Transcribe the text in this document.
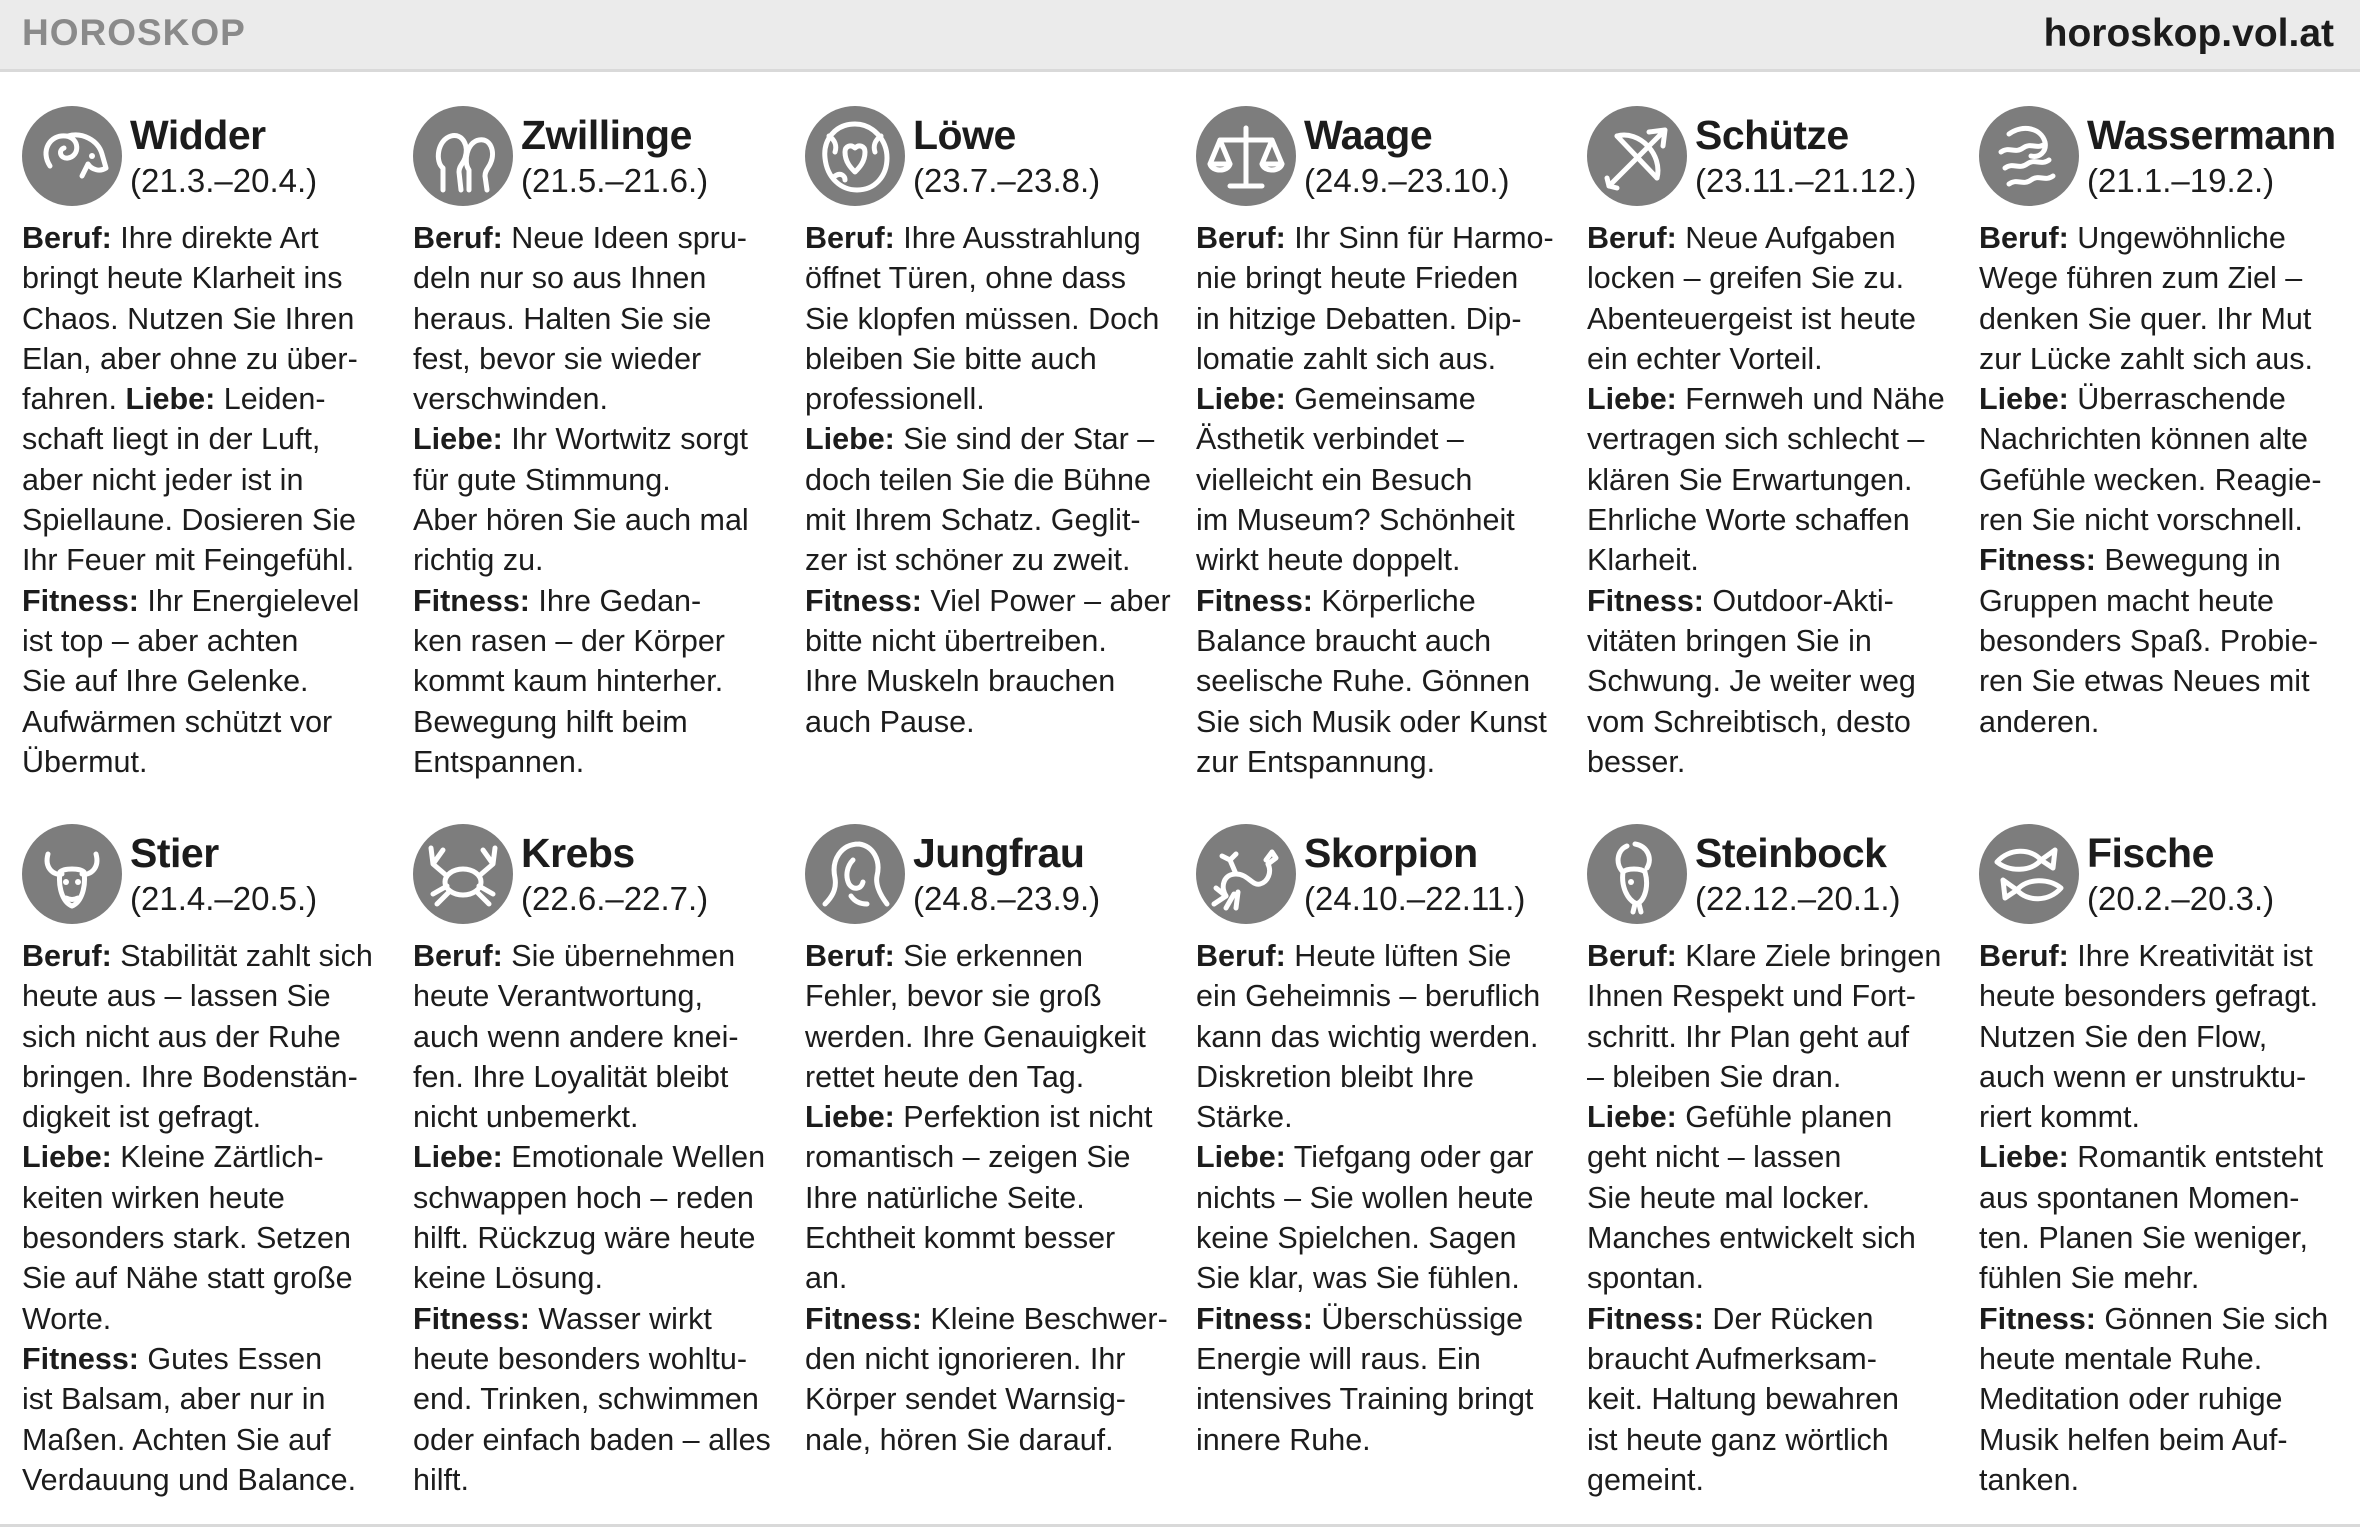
HOROSKOP	horoskop.vol.at
Widder
(21.3.–20.4.)
Beruf: Ihre direkte Art
bringt heute Klarheit ins
Chaos. Nutzen Sie Ihren
Elan, aber ohne zu über-
fahren. Liebe: Leiden-
schaft liegt in der Luft,
aber nicht jeder ist in
Spiellaune. Dosieren Sie
Ihr Feuer mit Feingefühl.
Fitness: Ihr Energielevel
ist top – aber achten
Sie auf Ihre Gelenke.
Aufwärmen schützt vor
Übermut.
Zwillinge
(21.5.–21.6.)
Beruf: Neue Ideen spru-
deln nur so aus Ihnen
heraus. Halten Sie sie
fest, bevor sie wieder
verschwinden.
Liebe: Ihr Wortwitz sorgt
für gute Stimmung.
Aber hören Sie auch mal
richtig zu.
Fitness: Ihre Gedan-
ken rasen – der Körper
kommt kaum hinterher.
Bewegung hilft beim
Entspannen.
Löwe
(23.7.–23.8.)
Beruf: Ihre Ausstrahlung
öffnet Türen, ohne dass
Sie klopfen müssen. Doch
bleiben Sie bitte auch
professionell.
Liebe: Sie sind der Star –
doch teilen Sie die Bühne
mit Ihrem Schatz. Geglit-
zer ist schöner zu zweit.
Fitness: Viel Power – aber
bitte nicht übertreiben.
Ihre Muskeln brauchen
auch Pause.
Waage
(24.9.–23.10.)
Beruf: Ihr Sinn für Harmo-
nie bringt heute Frieden
in hitzige Debatten. Dip-
lomatie zahlt sich aus.
Liebe: Gemeinsame
Ästhetik verbindet –
vielleicht ein Besuch
im Museum? Schönheit
wirkt heute doppelt.
Fitness: Körperliche
Balance braucht auch
seelische Ruhe. Gönnen
Sie sich Musik oder Kunst
zur Entspannung.
Schütze
(23.11.–21.12.)
Beruf: Neue Aufgaben
locken – greifen Sie zu.
Abenteuergeist ist heute
ein echter Vorteil.
Liebe: Fernweh und Nähe
vertragen sich schlecht –
klären Sie Erwartungen.
Ehrliche Worte schaffen
Klarheit.
Fitness: Outdoor-Akti-
vitäten bringen Sie in
Schwung. Je weiter weg
vom Schreibtisch, desto
besser.
Wassermann
(21.1.–19.2.)
Beruf: Ungewöhnliche
Wege führen zum Ziel –
denken Sie quer. Ihr Mut
zur Lücke zahlt sich aus.
Liebe: Überraschende
Nachrichten können alte
Gefühle wecken. Reagie-
ren Sie nicht vorschnell.
Fitness: Bewegung in
Gruppen macht heute
besonders Spaß. Probie-
ren Sie etwas Neues mit
anderen.
Stier
(21.4.–20.5.)
Beruf: Stabilität zahlt sich
heute aus – lassen Sie
sich nicht aus der Ruhe
bringen. Ihre Bodenstän-
digkeit ist gefragt.
Liebe: Kleine Zärtlich-
keiten wirken heute
besonders stark. Setzen
Sie auf Nähe statt große
Worte.
Fitness: Gutes Essen
ist Balsam, aber nur in
Maßen. Achten Sie auf
Verdauung und Balance.
Krebs
(22.6.–22.7.)
Beruf: Sie übernehmen
heute Verantwortung,
auch wenn andere knei-
fen. Ihre Loyalität bleibt
nicht unbemerkt.
Liebe: Emotionale Wellen
schwappen hoch – reden
hilft. Rückzug wäre heute
keine Lösung.
Fitness: Wasser wirkt
heute besonders wohltu-
end. Trinken, schwimmen
oder einfach baden – alles
hilft.
Jungfrau
(24.8.–23.9.)
Beruf: Sie erkennen
Fehler, bevor sie groß
werden. Ihre Genauigkeit
rettet heute den Tag.
Liebe: Perfektion ist nicht
romantisch – zeigen Sie
Ihre natürliche Seite.
Echtheit kommt besser
an.
Fitness: Kleine Beschwer-
den nicht ignorieren. Ihr
Körper sendet Warnsig-
nale, hören Sie darauf.
Skorpion
(24.10.–22.11.)
Beruf: Heute lüften Sie
ein Geheimnis – beruflich
kann das wichtig werden.
Diskretion bleibt Ihre
Stärke.
Liebe: Tiefgang oder gar
nichts – Sie wollen heute
keine Spielchen. Sagen
Sie klar, was Sie fühlen.
Fitness: Überschüssige
Energie will raus. Ein
intensives Training bringt
innere Ruhe.
Steinbock
(22.12.–20.1.)
Beruf: Klare Ziele bringen
Ihnen Respekt und Fort-
schritt. Ihr Plan geht auf
– bleiben Sie dran.
Liebe: Gefühle planen
geht nicht – lassen
Sie heute mal locker.
Manches entwickelt sich
spontan.
Fitness: Der Rücken
braucht Aufmerksam-
keit. Haltung bewahren
ist heute ganz wörtlich
gemeint.
Fische
(20.2.–20.3.)
Beruf: Ihre Kreativität ist
heute besonders gefragt.
Nutzen Sie den Flow,
auch wenn er unstruktu-
riert kommt.
Liebe: Romantik entsteht
aus spontanen Momen-
ten. Planen Sie weniger,
fühlen Sie mehr.
Fitness: Gönnen Sie sich
heute mentale Ruhe.
Meditation oder ruhige
Musik helfen beim Auf-
tanken.
